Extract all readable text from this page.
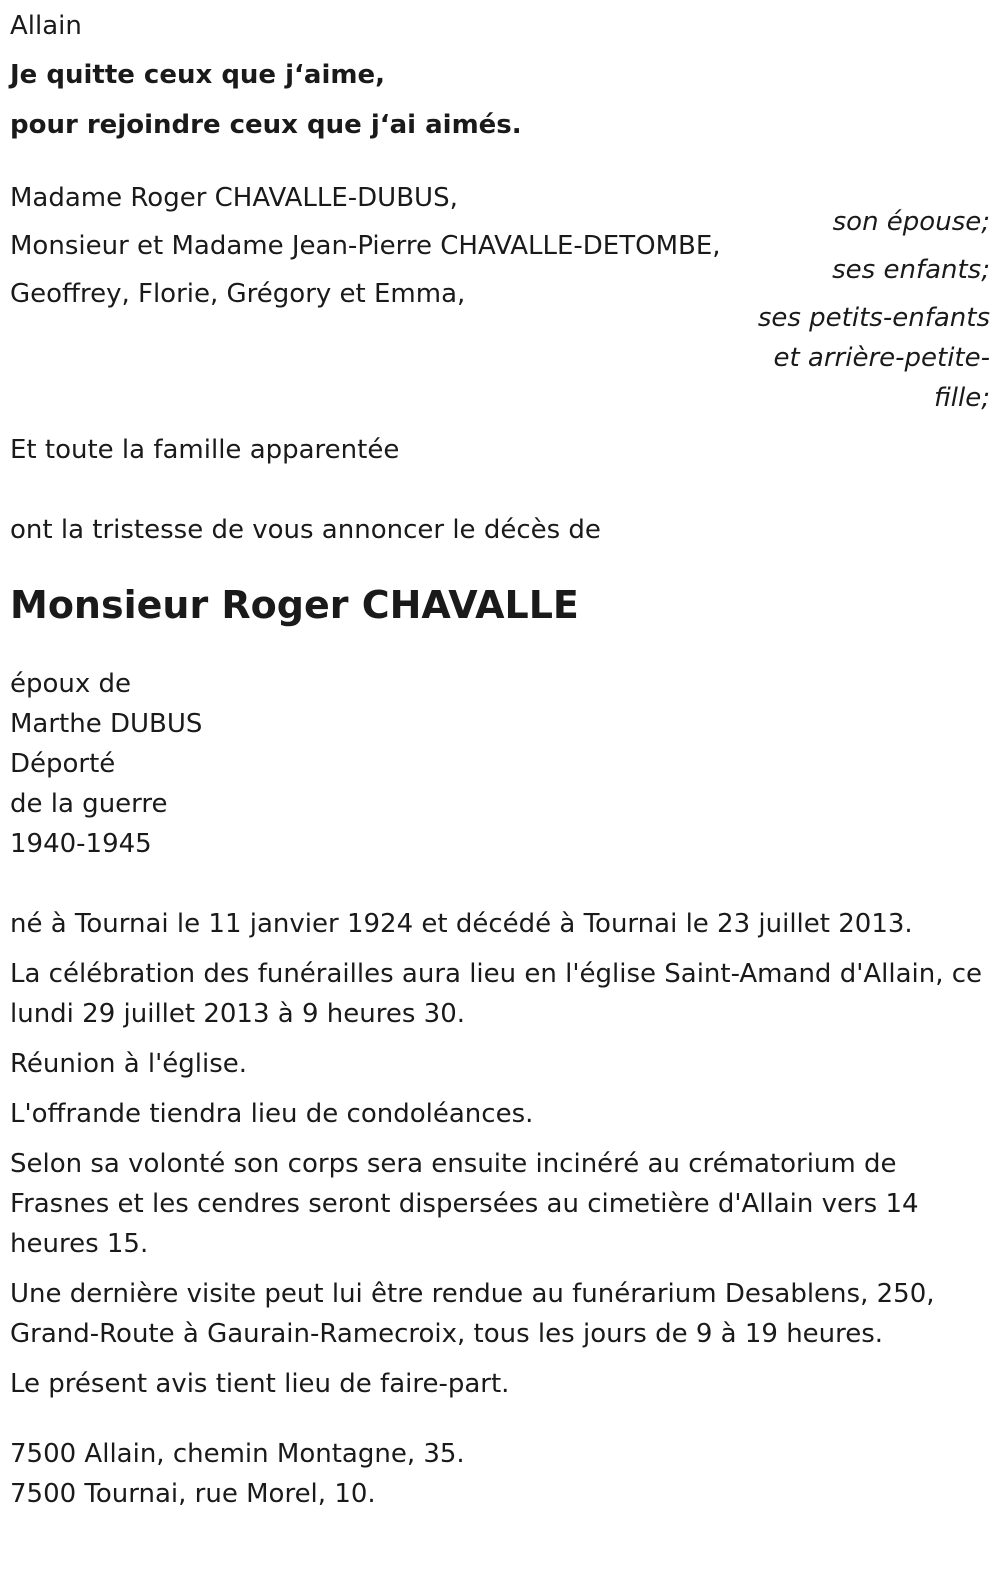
Allain

Je quitte ceux que j‘aime,

pour rejoindre ceux que j‘ai aimés.

Madame Roger CHAVALLE-DUBUS,

son épouse;

Monsieur et Madame Jean-Pierre CHAVALLE-DETOMBE,

ses enfants;

Geoffrey, Florie, Grégory et Emma,

ses petits-enfants

et arrière-petite-

fille;

Et toute la famille apparentée

ont la tristesse de vous annoncer le décès de

Monsieur Roger CHAVALLE

époux de

Marthe DUBUS

Déporté

de la guerre

1940-1945

né à Tournai le 11 janvier 1924 et décédé à Tournai le 23 juillet 2013.

La célébration des funérailles aura lieu en l'église Saint-Amand d'Allain, ce lundi 29 juillet 2013 à 9 heures 30.

Réunion à l'église.

L'offrande tiendra lieu de condoléances.

Selon sa volonté son corps sera ensuite incinéré au crématorium de Frasnes et les cendres seront dispersées au cimetière d'Allain vers 14 heures 15.

Une dernière visite peut lui être rendue au funérarium Desablens, 250, Grand-Route à Gaurain-Ramecroix, tous les jours de 9 à 19 heures.

Le présent avis tient lieu de faire-part.

7500 Allain, chemin Montagne, 35.

7500 Tournai, rue Morel, 10.
